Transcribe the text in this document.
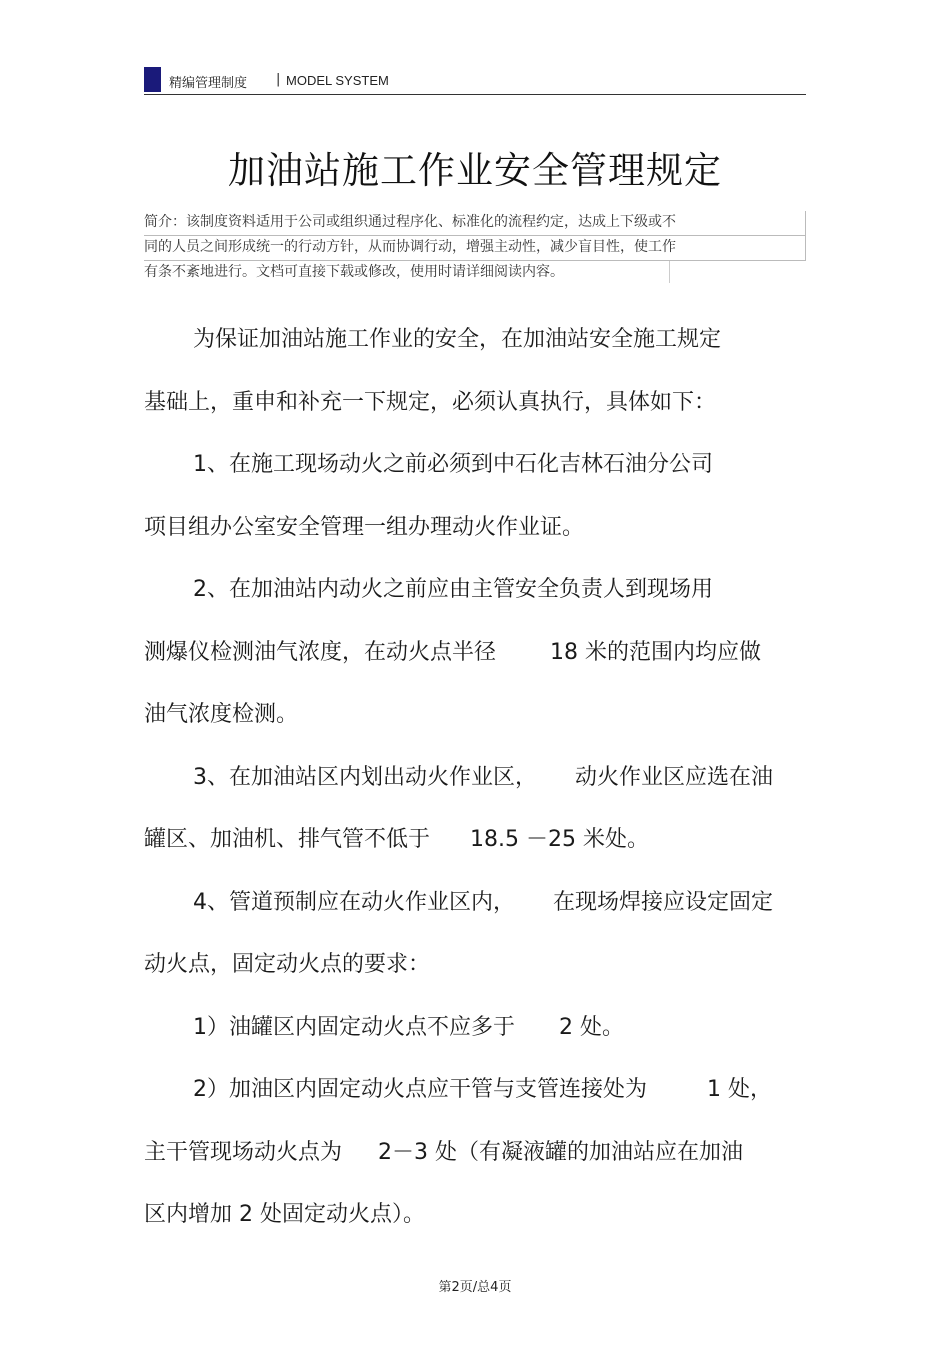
精编管理制度 | MODEL SYSTEM
加油站施工作业安全管理规定
简介：该制度资料适用于公司或组织通过程序化、标准化的流程约定，达成上下级或不
同的人员之间形成统一的行动方针，从而协调行动，增强主动性，减少盲目性，使工作
有条不紊地进行。文档可直接下载或修改，使用时请详细阅读内容。
为保证加油站施工作业的安全，在加油站安全施工规定
基础上，重申和补充一下规定，必须认真执行，具体如下：
1、在施工现场动火之前必须到中石化吉林石油分公司
项目组办公室安全管理一组办理动火作业证。
2、在加油站内动火之前应由主管安全负责人到现场用
测爆仪检测油气浓度，在动火点半径 18 米的范围内均应做
油气浓度检测。
3、在加油站区内划出动火作业区， 动火作业区应选在油
罐区、加油机、排气管不低于 18.5 －25 米处。
4、管道预制应在动火作业区内， 在现场焊接应设定固定
动火点，固定动火点的要求：
1）油罐区内固定动火点不应多于 2 处。
2）加油区内固定动火点应干管与支管连接处为	1 处，
主干管现场动火点为 2－3 处（有凝液罐的加油站应在加油
区内增加 2 处固定动火点）。
第2页/总4页
